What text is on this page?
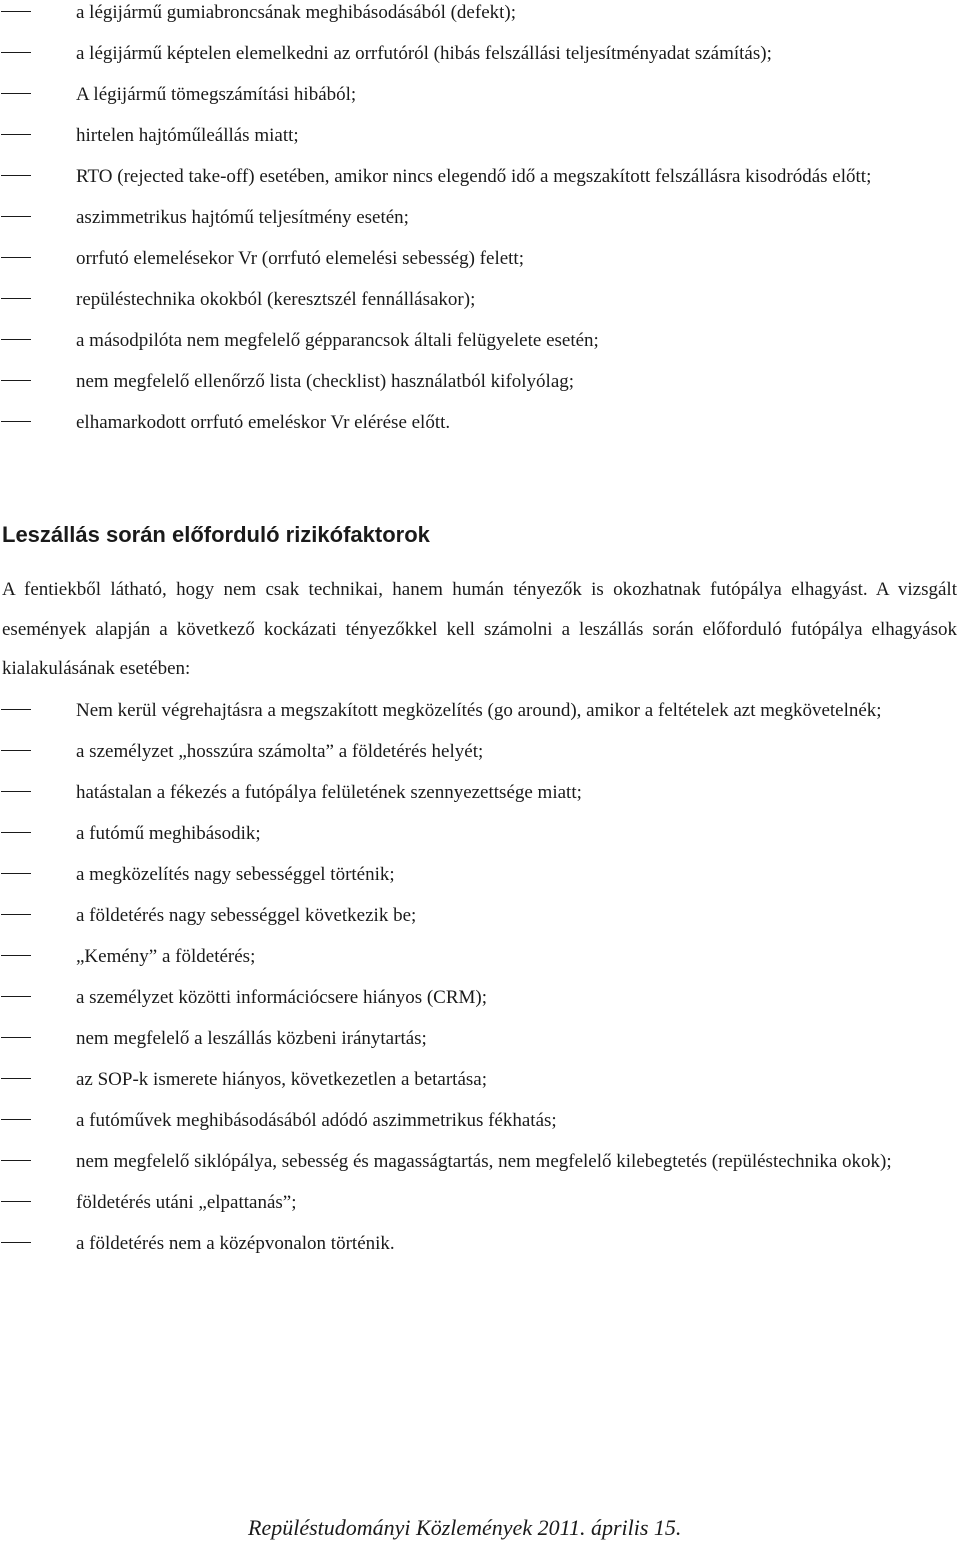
a légijármű gumiabroncsának meghibásodásából (defekt);
a légijármű képtelen elemelkedni az orrfutóról (hibás felszállási teljesítményadat számítás);
A légijármű tömegszámítási hibából;
hirtelen hajtóműleállás miatt;
RTO (rejected take-off) esetében, amikor nincs elegendő idő a megszakított felszállásra kisodródás előtt;
aszimmetrikus hajtómű teljesítmény esetén;
orrfutó elemelésekor Vr (orrfutó elemelési sebesség) felett;
repüléstechnika okokból (keresztszél fennállásakor);
a másodpilóta nem megfelelő gépparancsok általi felügyelete esetén;
nem megfelelő ellenőrző lista (checklist) használatból kifolyólag;
elhamarkodott orrfutó emeléskor Vr elérése előtt.
Leszállás során előforduló rizikófaktorok

A fentiekből látható, hogy nem csak technikai, hanem humán tényezők is okozhatnak futópálya elhagyást. A vizsgált események alapján a következő kockázati tényezőkkel kell számolni a leszállás során előforduló futópálya elhagyások kialakulásának esetében:

Nem kerül végrehajtásra a megszakított megközelítés (go around), amikor a feltételek azt megkövetelnék;
a személyzet „hosszúra számolta” a földetérés helyét;
hatástalan a fékezés a futópálya felületének szennyezettsége miatt;
a futómű meghibásodik;
a megközelítés nagy sebességgel történik;
a földetérés nagy sebességgel következik be;
„Kemény” a földetérés;
a személyzet közötti információcsere hiányos (CRM);
nem megfelelő a leszállás közbeni iránytartás;
az SOP-k ismerete hiányos, következetlen a betartása;
a futóművek meghibásodásából adódó aszimmetrikus fékhatás;
nem megfelelő siklópálya, sebesség és magasságtartás, nem megfelelő kilebegtetés (repüléstechnika okok);
földetérés utáni „elpattanás”;
a földetérés nem a középvonalon történik.

Repüléstudományi Közlemények 2011. április 15.
